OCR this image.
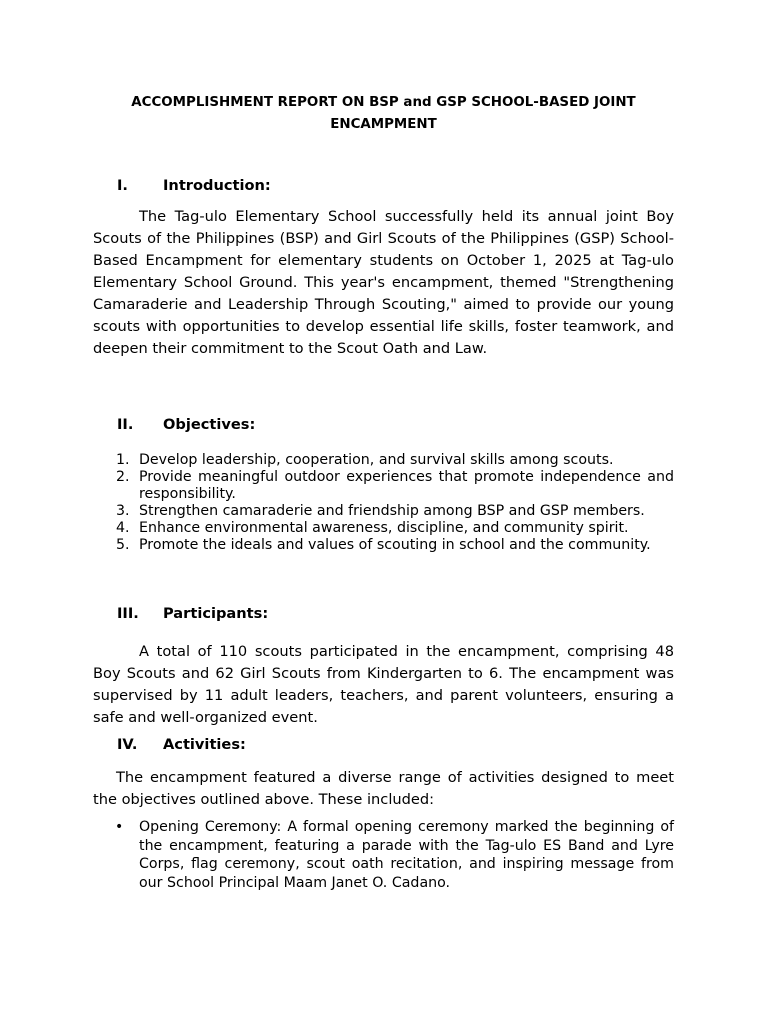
ACCOMPLISHMENT REPORT ON BSP and GSP SCHOOL-BASED JOINT ENCAMPMENT
I. Introduction:
The Tag-ulo Elementary School successfully held its annual joint Boy Scouts of the Philippines (BSP) and Girl Scouts of the Philippines (GSP) School-Based Encampment for elementary students on October 1, 2025 at Tag-ulo Elementary School Ground. This year's encampment, themed "Strengthening Camaraderie and Leadership Through Scouting," aimed to provide our young scouts with opportunities to develop essential life skills, foster teamwork, and deepen their commitment to the Scout Oath and Law.
II. Objectives:
1. Develop leadership, cooperation, and survival skills among scouts.
2. Provide meaningful outdoor experiences that promote independence and responsibility.
3. Strengthen camaraderie and friendship among BSP and GSP members.
4. Enhance environmental awareness, discipline, and community spirit.
5. Promote the ideals and values of scouting in school and the community.
III. Participants:
A total of 110 scouts participated in the encampment, comprising 48 Boy Scouts and 62 Girl Scouts from Kindergarten to 6. The encampment was supervised by 11 adult leaders, teachers, and parent volunteers, ensuring a safe and well-organized event.
IV. Activities:
The encampment featured a diverse range of activities designed to meet the objectives outlined above. These included:
• Opening Ceremony: A formal opening ceremony marked the beginning of the encampment, featuring a parade with the Tag-ulo ES Band and Lyre Corps, flag ceremony, scout oath recitation, and inspiring message from our School Principal Maam Janet O. Cadano.
